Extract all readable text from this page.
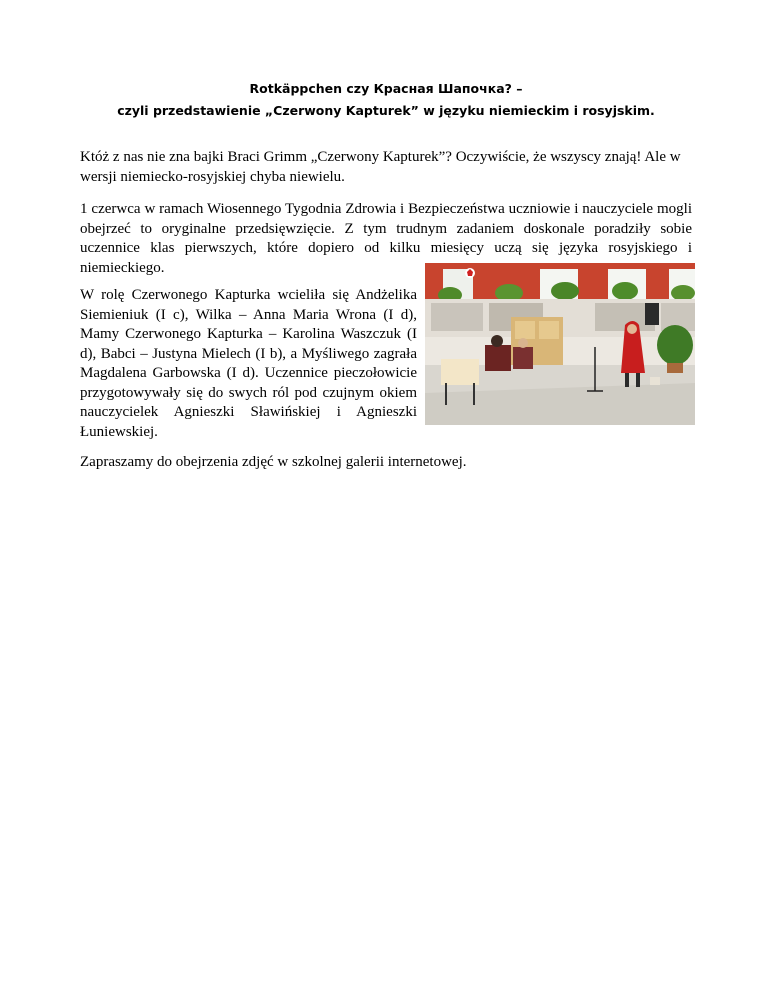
Rotkäppchen czy Красная Шапочка? –
czyli przedstawienie „Czerwony Kapturek” w języku niemieckim i rosyjskim.
Któż z nas nie zna bajki Braci Grimm „Czerwony Kapturek”? Oczywiście, że wszyscy znają! Ale w wersji niemiecko-rosyjskiej chyba niewielu.
1 czerwca w ramach Wiosennego Tygodnia Zdrowia i Bezpieczeństwa uczniowie i nauczyciele mogli obejrzeć to oryginalne przedsięwzięcie. Z tym trudnym zadaniem doskonale poradziły sobie uczennice klas pierwszych, które dopiero od kilku miesięcy uczą się języka rosyjskiego i niemieckiego.
W rolę Czerwonego Kapturka wcieliła się Andżelika Siemieniuk (I c), Wilka – Anna Maria Wrona (I d), Mamy Czerwonego Kapturka – Karolina Waszczuk (I d), Babci – Justyna Mielech (I b), a Myśliwego zagrała Magdalena Garbowska (I d). Uczennice pieczołowicie przygotowywały się do swych ról pod czujnym okiem nauczycielek Agnieszki Sławińskiej i Agnieszki Łuniewskiej.
Zapraszamy do obejrzenia zdjęć w szkolnej galerii internetowej.
